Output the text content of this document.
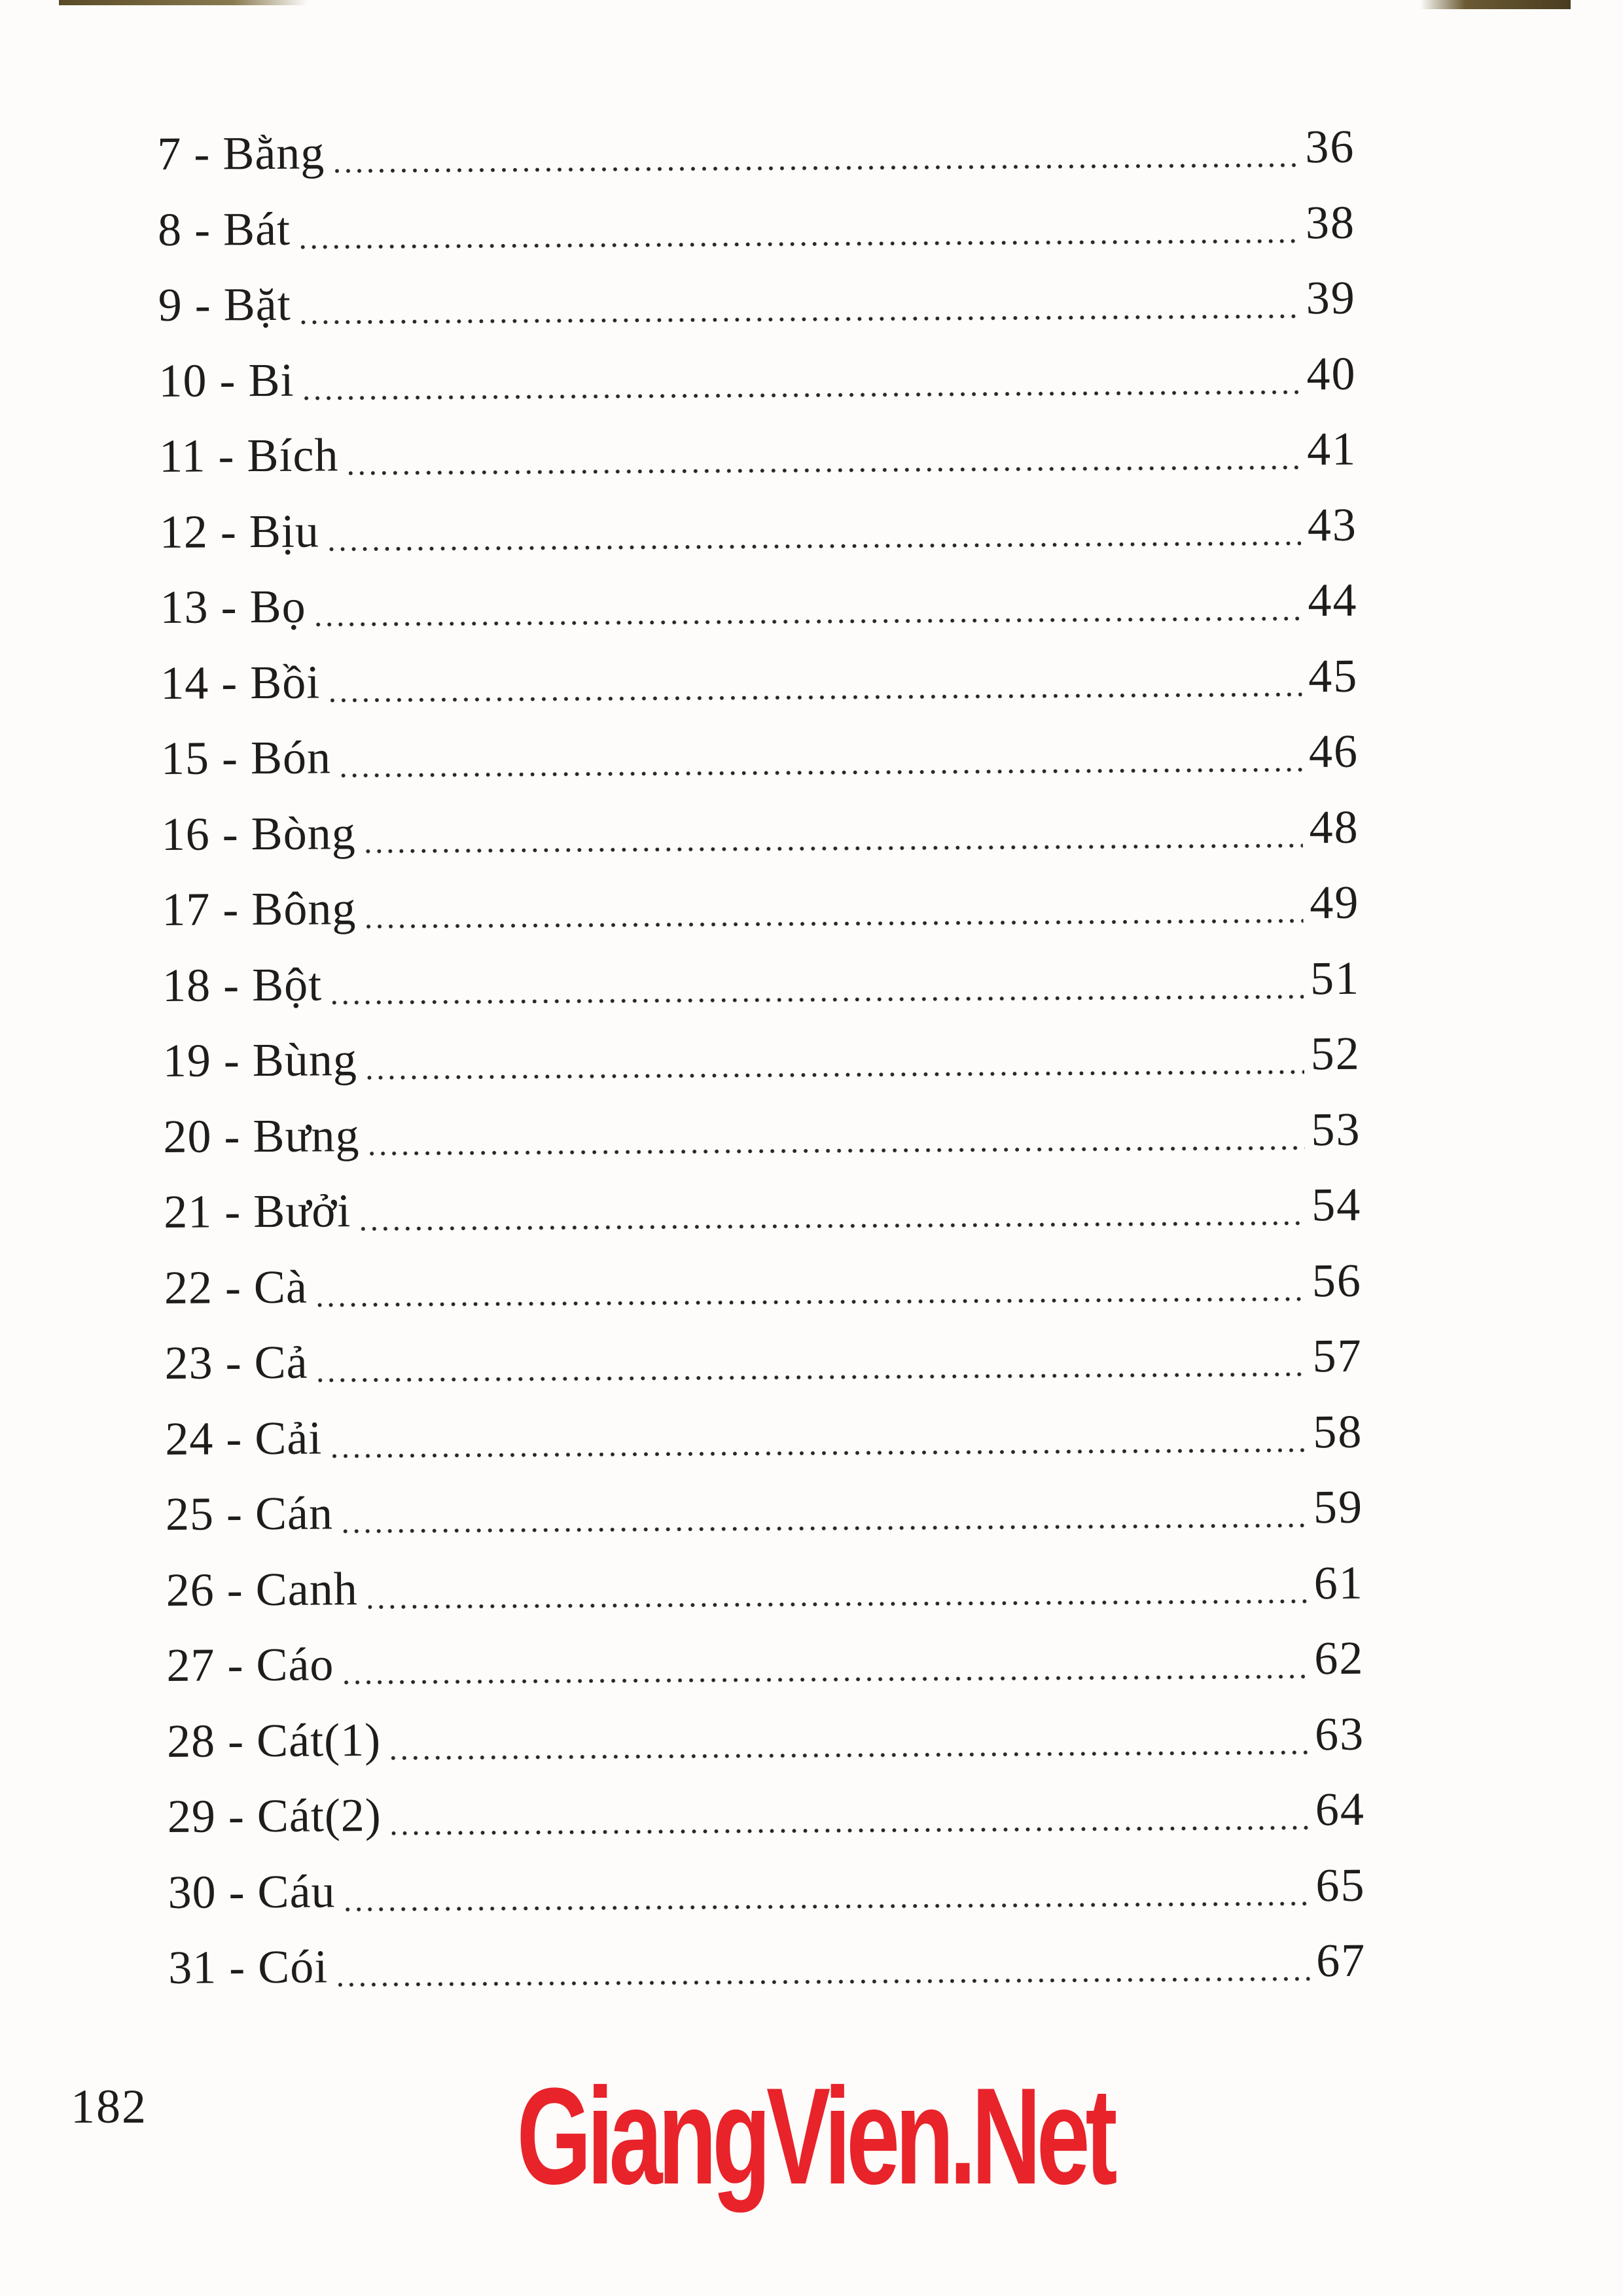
7 - Bằng	36
8 - Bát	38
9 - Bặt	39
10 - Bi	40
11 - Bích	41
12 - Bịu	43
13 - Bọ	44
14 - Bồi	45
15 - Bón	46
16 - Bòng	48
17 - Bông	49
18 - Bột	51
19 - Bùng	52
20 - Bưng	53
21 - Bưởi	54
22 - Cà	56
23 - Cả	57
24 - Cải	58
25 - Cán	59
26 - Canh	61
27 - Cáo	62
28 - Cát(1)	63
29 - Cát(2)	64
30 - Cáu	65
31 - Cói	67
182	GiangVien.Net
